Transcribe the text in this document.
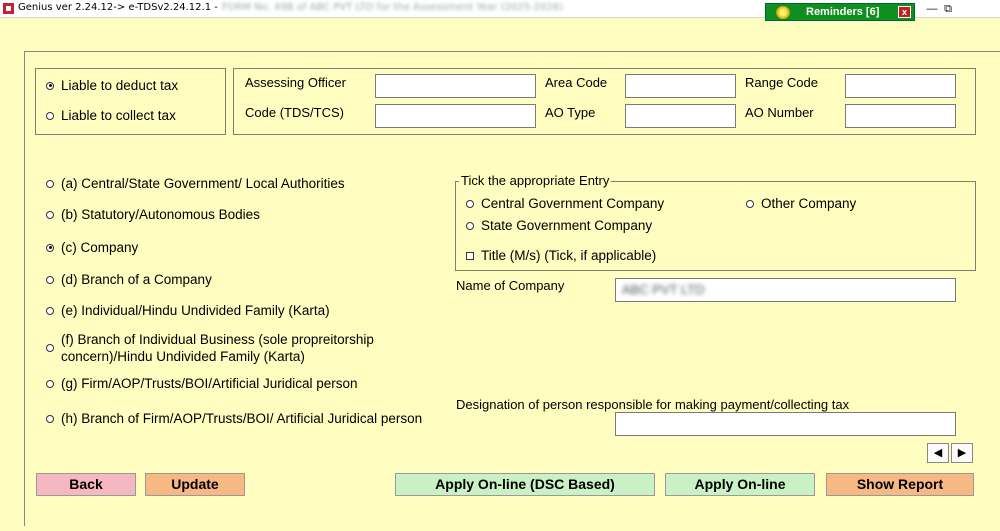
Genius ver 2.24.12-> e-TDSv2.24.12.1 - FORM No. 49B of ABC PVT LTD for the Assessment Year (2025-2026)	— ⧉
Reminders [6]	x
Liable to deduct tax
Liable to collect tax
Assessing Officer	Area Code	Range Code
Code (TDS/TCS)	AO Type	AO Number
(a) Central/State Government/ Local Authorities
(b) Statutory/Autonomous Bodies
(c) Company
(d) Branch of a Company
(e) Individual/Hindu Undivided Family (Karta)
(f) Branch of Individual Business (sole propreitorship
concern)/Hindu Undivided Family (Karta)
(g) Firm/AOP/Trusts/BOI/Artificial Juridical person
(h) Branch of Firm/AOP/Trusts/BOI/ Artificial Juridical person
Tick the appropriate Entry
Central Government Company	Other Company
State Government Company
Title (M/s) (Tick, if applicable)
Name of Company	ABC PVT LTD
Designation of person responsible for making payment/collecting tax
◀	▶
Back	Update	Apply On-line (DSC Based)	Apply On-line	Show Report
